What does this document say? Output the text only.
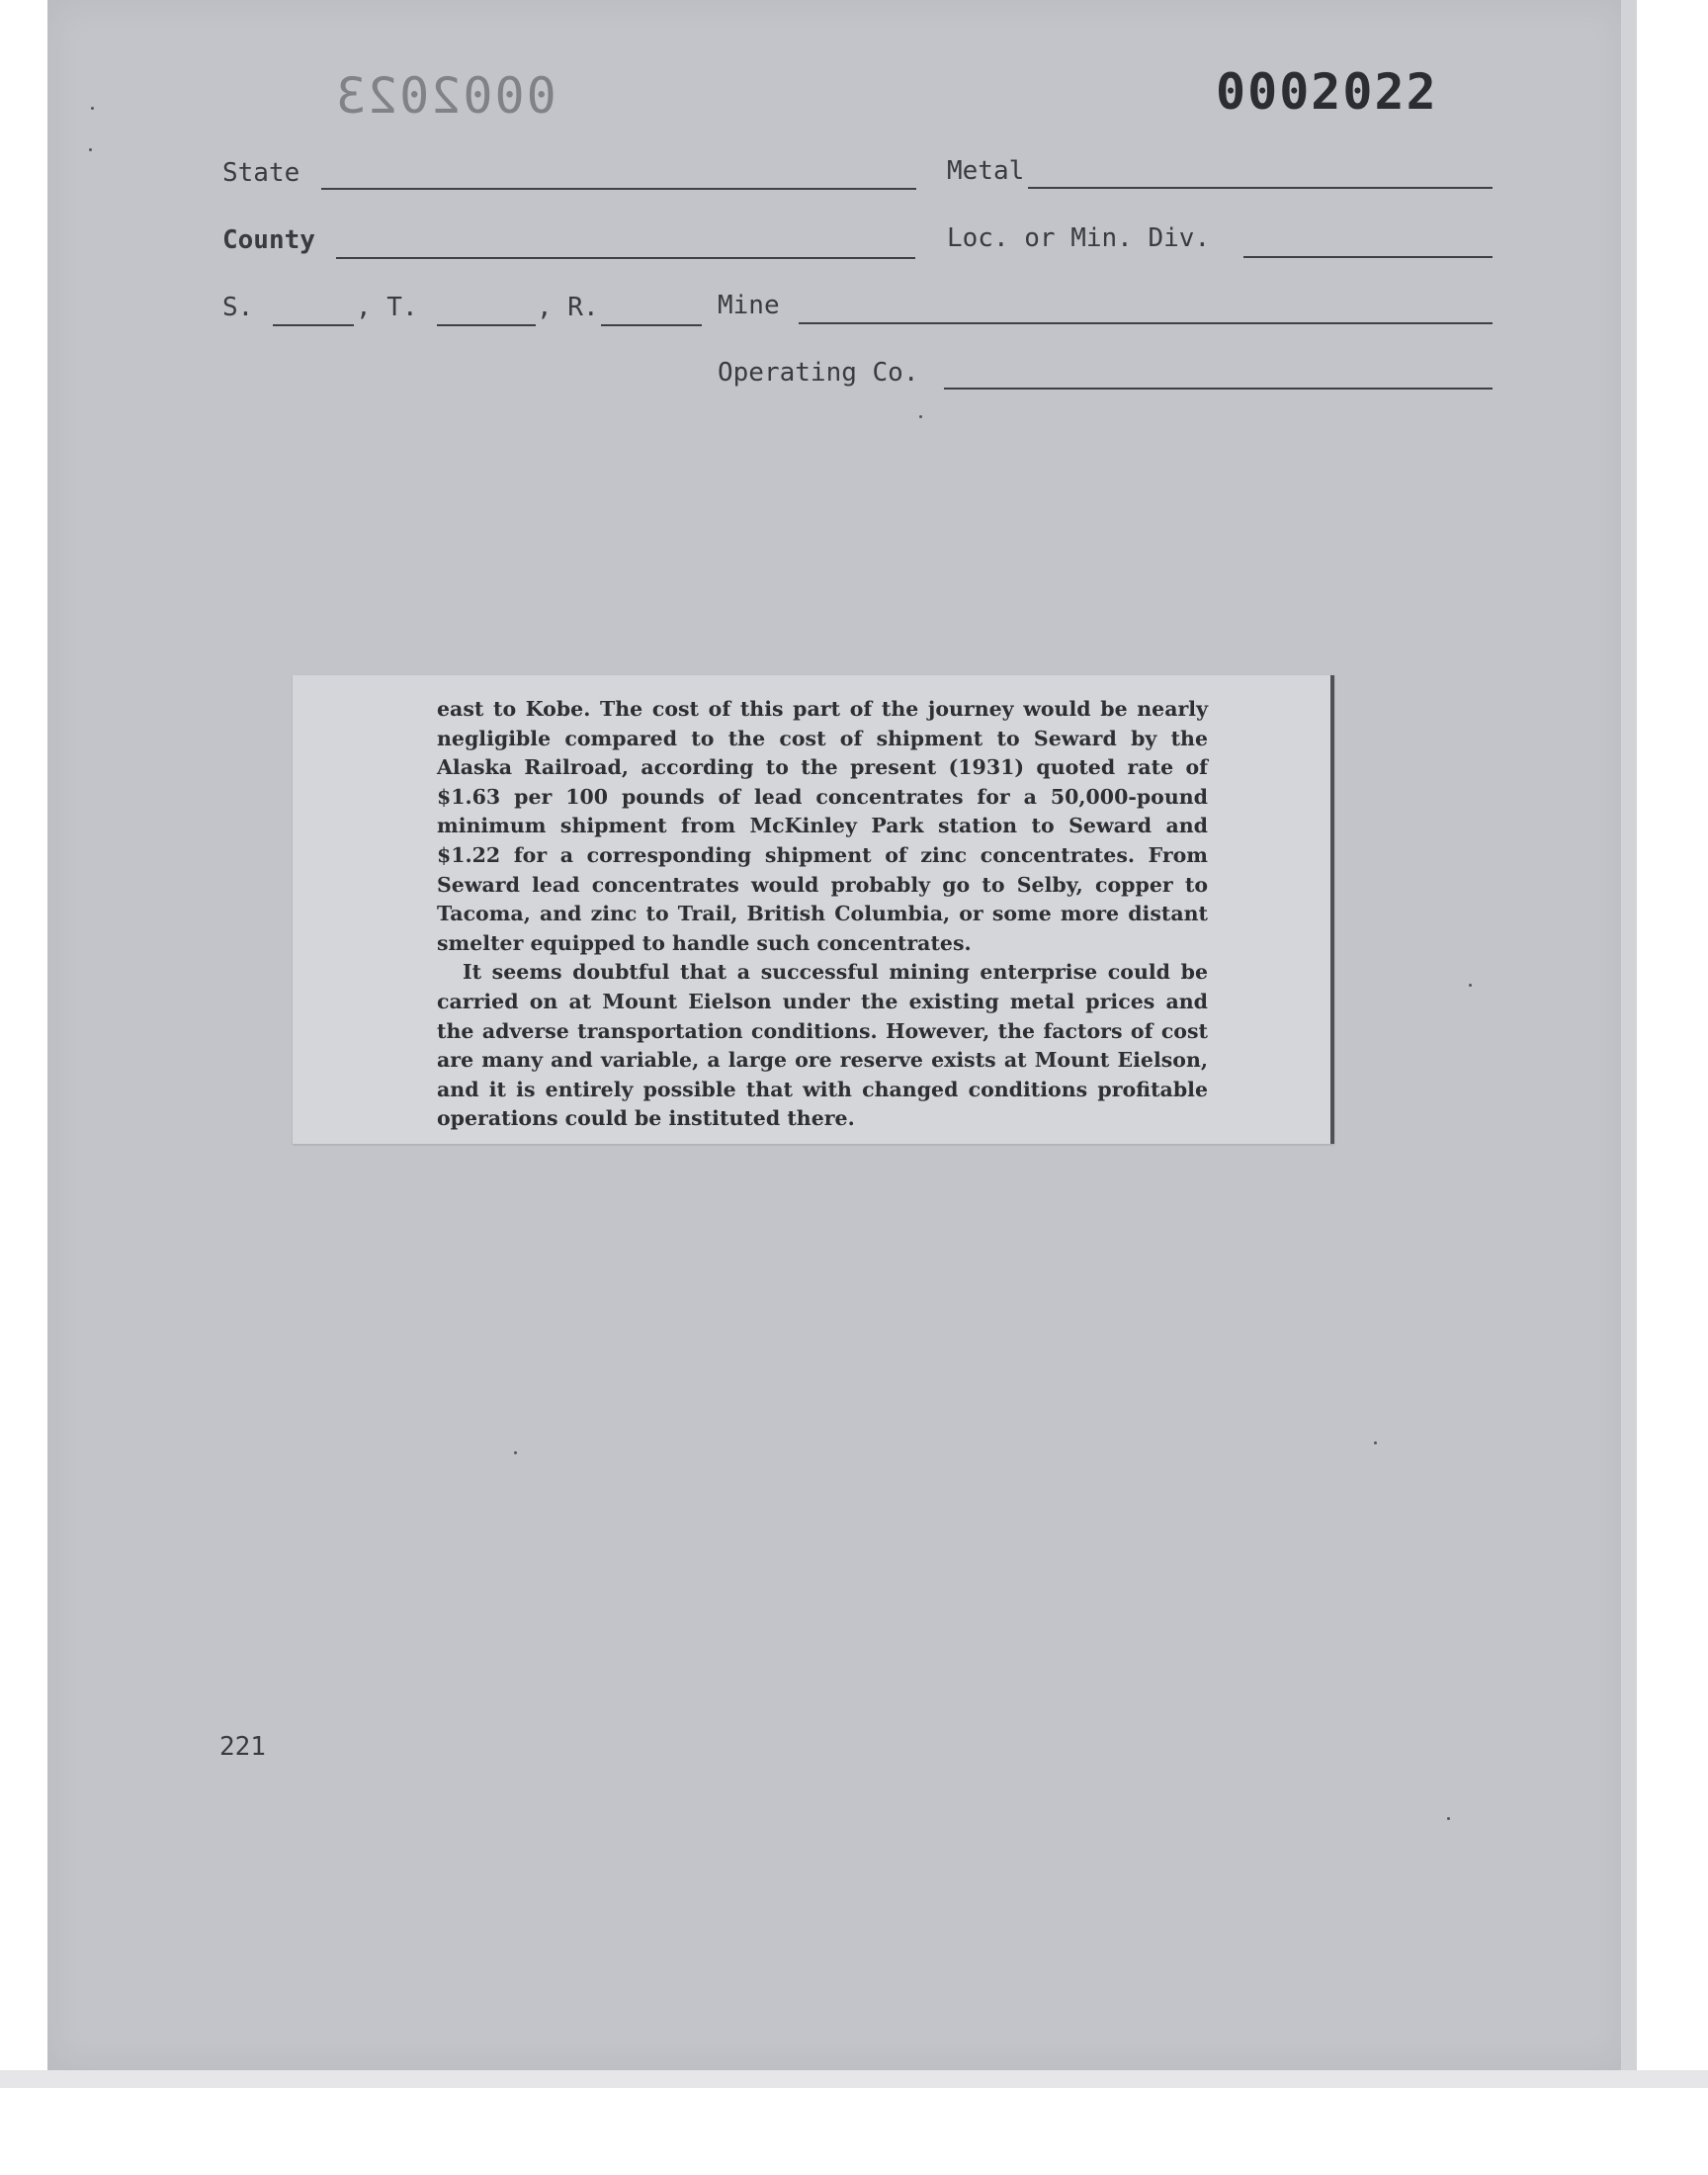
0002023	0002022
State	Metal
County	Loc. or Min. Div.
S.	, T.	, R.	Mine
Operating Co.

east to Kobe. The cost of this part of the journey would be nearly negligible compared to the cost of shipment to Seward by the Alaska Railroad, according to the present (1931) quoted rate of $1.63 per 100 pounds of lead concentrates for a 50,000-pound minimum shipment from McKinley Park station to Seward and $1.22 for a corresponding shipment of zinc concentrates. From Seward lead concentrates would probably go to Selby, copper to Tacoma, and zinc to Trail, British Columbia, or some more distant smelter equipped to handle such concentrates.

It seems doubtful that a successful mining enterprise could be carried on at Mount Eielson under the existing metal prices and the adverse transportation conditions. However, the factors of cost are many and variable, a large ore reserve exists at Mount Eielson, and it is entirely possible that with changed conditions profitable operations could be instituted there.

221
